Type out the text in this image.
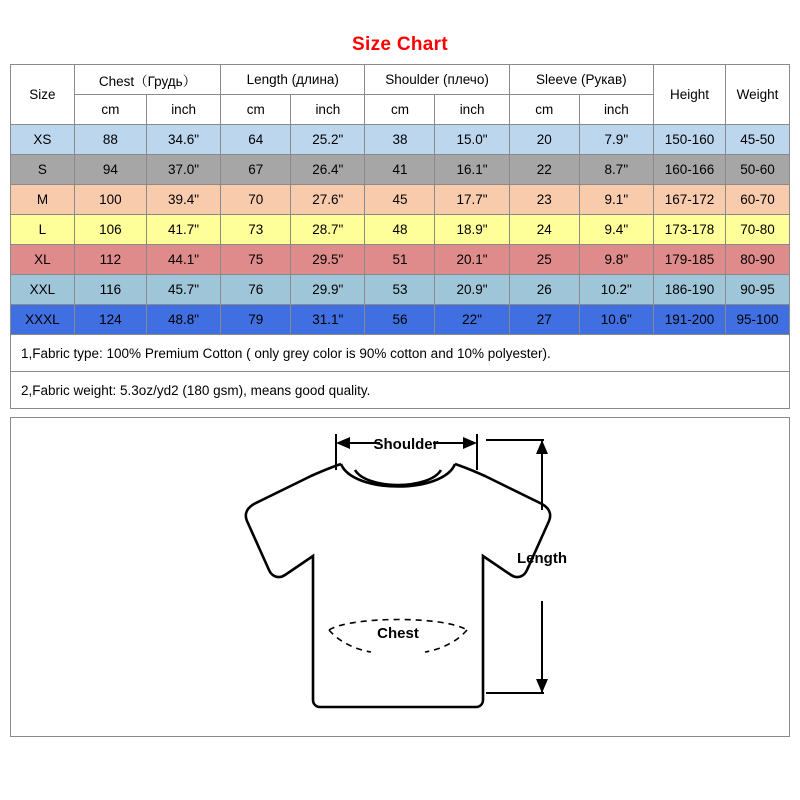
Size Chart
Size	Chest（Грудь）		Length (длина)		Shoulder (плечо)		Sleeve (Рукав)		Height	Weight
	cm	inch	cm	inch	cm	inch	cm	inch		
XS	88	34.6"	64	25.2"	38	15.0"	20	7.9"	150-160	45-50
S	94	37.0"	67	26.4"	41	16.1"	22	8.7"	160-166	50-60
M	100	39.4"	70	27.6"	45	17.7"	23	9.1"	167-172	60-70
L	106	41.7"	73	28.7"	48	18.9"	24	9.4"	173-178	70-80
XL	112	44.1"	75	29.5"	51	20.1"	25	9.8"	179-185	80-90
XXL	116	45.7"	76	29.9"	53	20.9"	26	10.2"	186-190	90-95
XXXL	124	48.8"	79	31.1"	56	22"	27	10.6"	191-200	95-100
1,Fabric type: 100% Premium Cotton ( only grey color is 90% cotton and 10% polyester).
2,Fabric weight: 5.3oz/yd2 (180 gsm), means good quality.
Shoulder
Chest
Length
